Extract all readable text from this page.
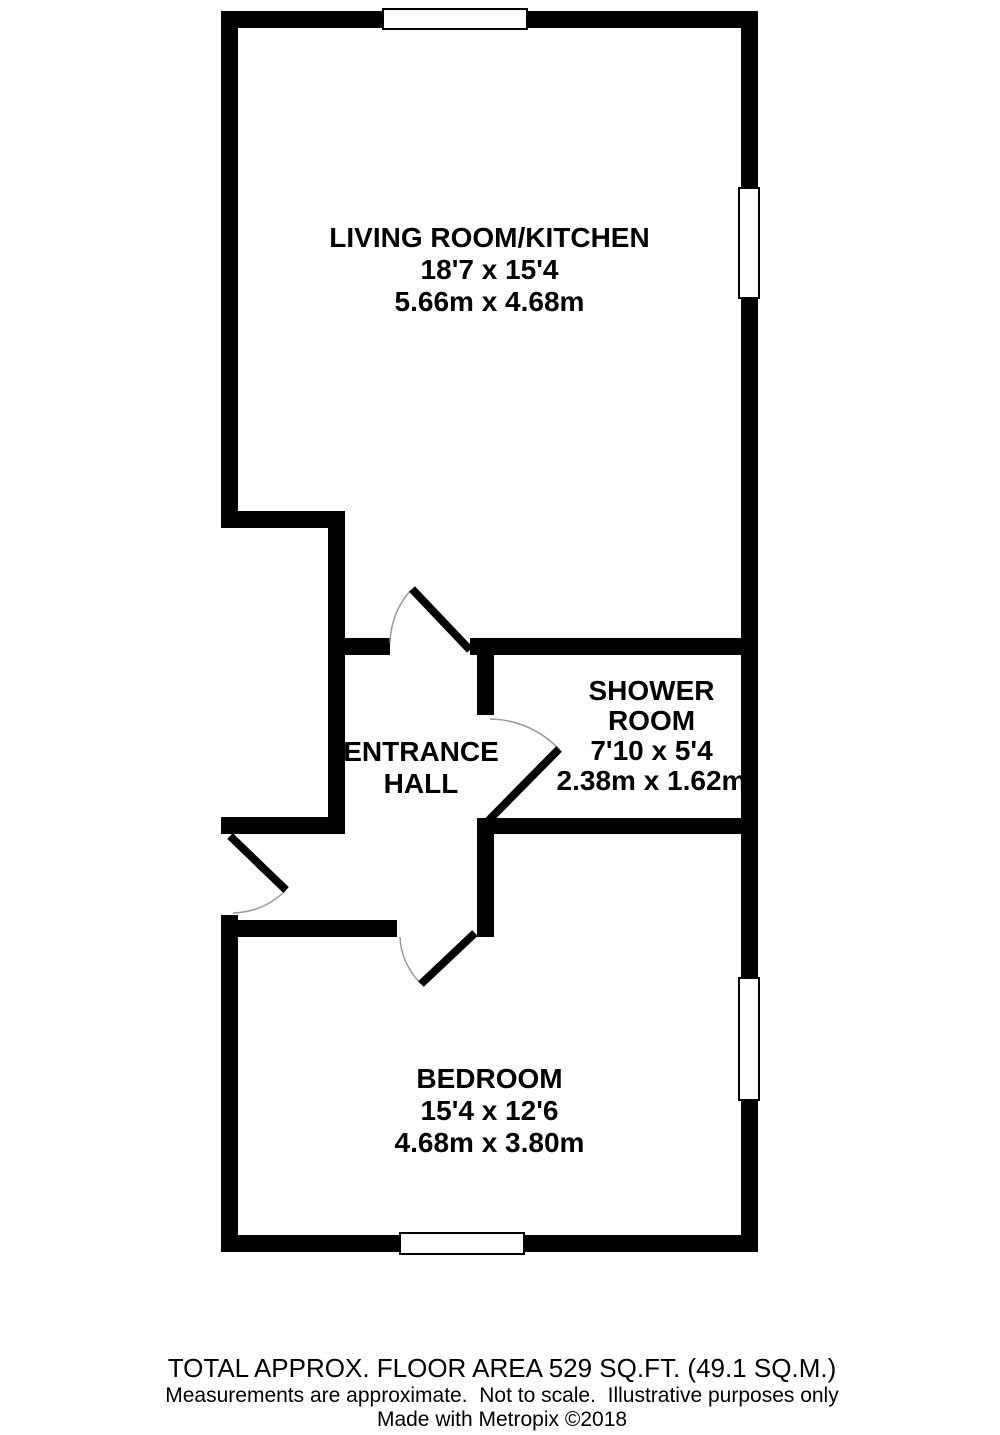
LIVING ROOM/KITCHEN
18'7 x 15'4
5.66m x 4.68m
ENTRANCE
HALL
SHOWER
ROOM
7'10 x 5'4
2.38m x 1.62m
BEDROOM
15'4 x 12'6
4.68m x 3.80m
TOTAL APPROX. FLOOR AREA 529 SQ.FT. (49.1 SQ.M.)
Measurements are approximate.  Not to scale.  Illustrative purposes only
Made with Metropix ©2018
